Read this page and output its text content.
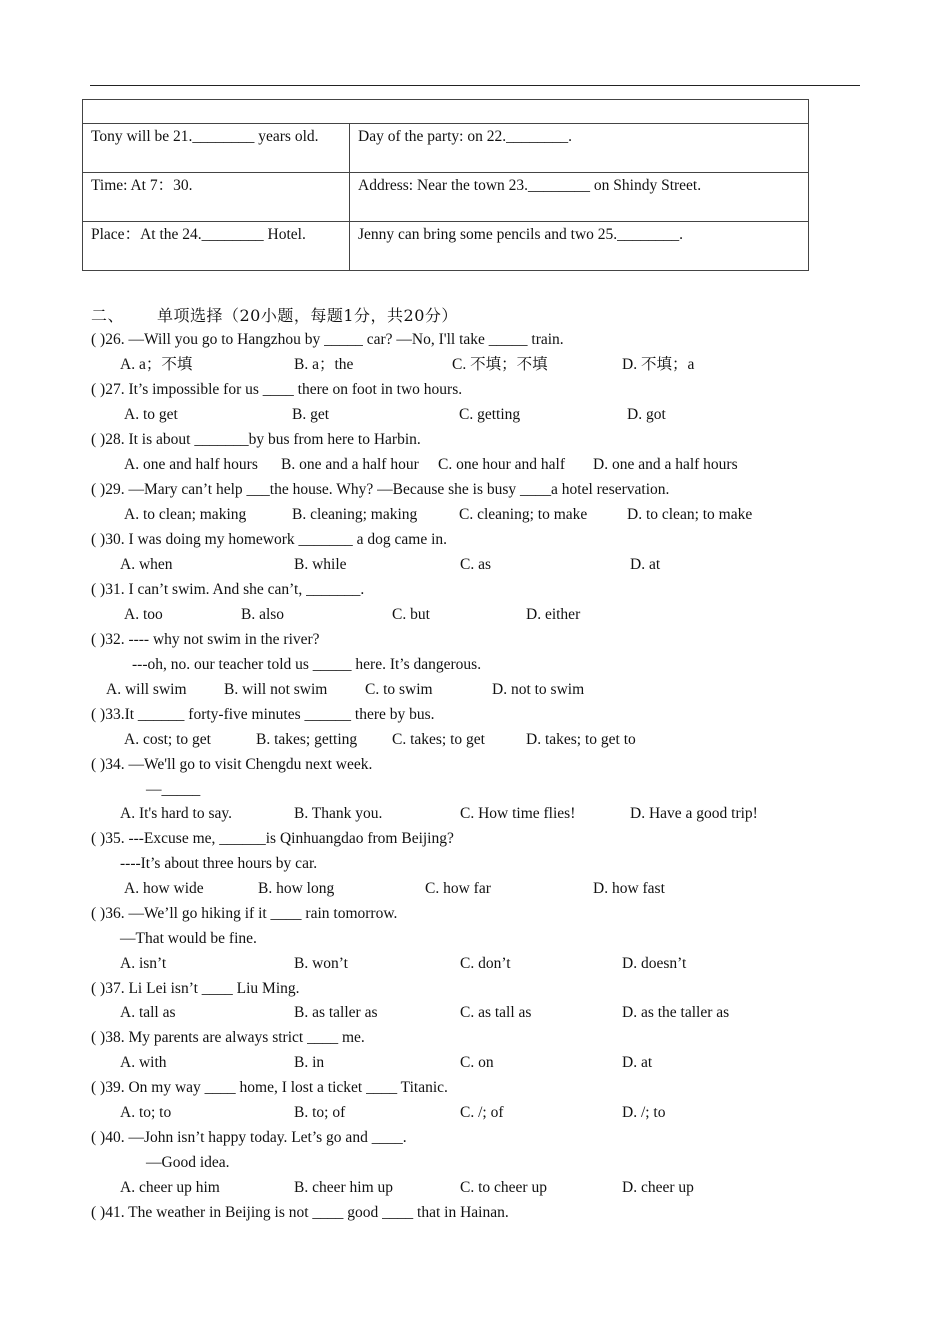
Tony will be 21.________ years old.	Day of the party: on 22.________.
Time: At 7：30.	Address: Near the town 23.________ on Shindy Street.
Place：At the 24.________ Hotel.	Jenny can bring some pencils and two 25.________.
二、 单项选择（20小题，每题1分，共20分）
( )26. —Will you go to Hangzhou by _____ car? —No, I'll take _____ train.
A. a；不填	B. a；the	C. 不填；不填	D. 不填；a
( )27. It’s impossible for us ____ there on foot in two hours.
A. to get	B. get	C. getting	D. got
( )28. It is about _______by bus from here to Harbin.
A. one and half hours B. one and a half hour C. one hour and half D. one and a half hours
( )29. —Mary can’t help ___the house. Why? —Because she is busy ____a hotel reservation.
A. to clean; making	B. cleaning; making	C. cleaning; to make	D. to clean; to make
( )30. I was doing my homework _______ a dog came in.
A. when	B. while	C. as	D. at
( )31. I can’t swim. And she can’t, _______.
A. too	B. also	C. but	D. either
( )32. ---- why not swim in the river?
---oh, no. our teacher told us _____ here. It’s dangerous.
A. will swim B. will not swim C. to swim	D. not to swim
( )33.It ______ forty-five minutes ______ there by bus.
A. cost; to get	B. takes; getting C. takes; to get	D. takes; to get to
( )34. —We'll go to visit Chengdu next week.
—_____
A. It's hard to say.	B. Thank you.	C. How time flies!	D. Have a good trip!
( )35. ---Excuse me, ______is Qinhuangdao from Beijing?
----It’s about three hours by car.
A. how wide	B. how long	C. how far	D. how fast
( )36. —We’ll go hiking if it ____ rain tomorrow.
—That would be fine.
A. isn’t	B. won’t	C. don’t	D. doesn’t
( )37. Li Lei isn’t ____ Liu Ming.
A. tall as	B. as taller as	C. as tall as	D. as the taller as
( )38. My parents are always strict ____ me.
A. with	B. in	C. on	D. at
( )39. On my way ____ home, I lost a ticket ____ Titanic.
A. to; to	B. to; of	C. /; of	D. /; to
( )40. —John isn’t happy today. Let’s go and ____.
—Good idea.
A. cheer up him	B. cheer him up	C. to cheer up	D. cheer up
( )41. The weather in Beijing is not ____ good ____ that in Hainan.
